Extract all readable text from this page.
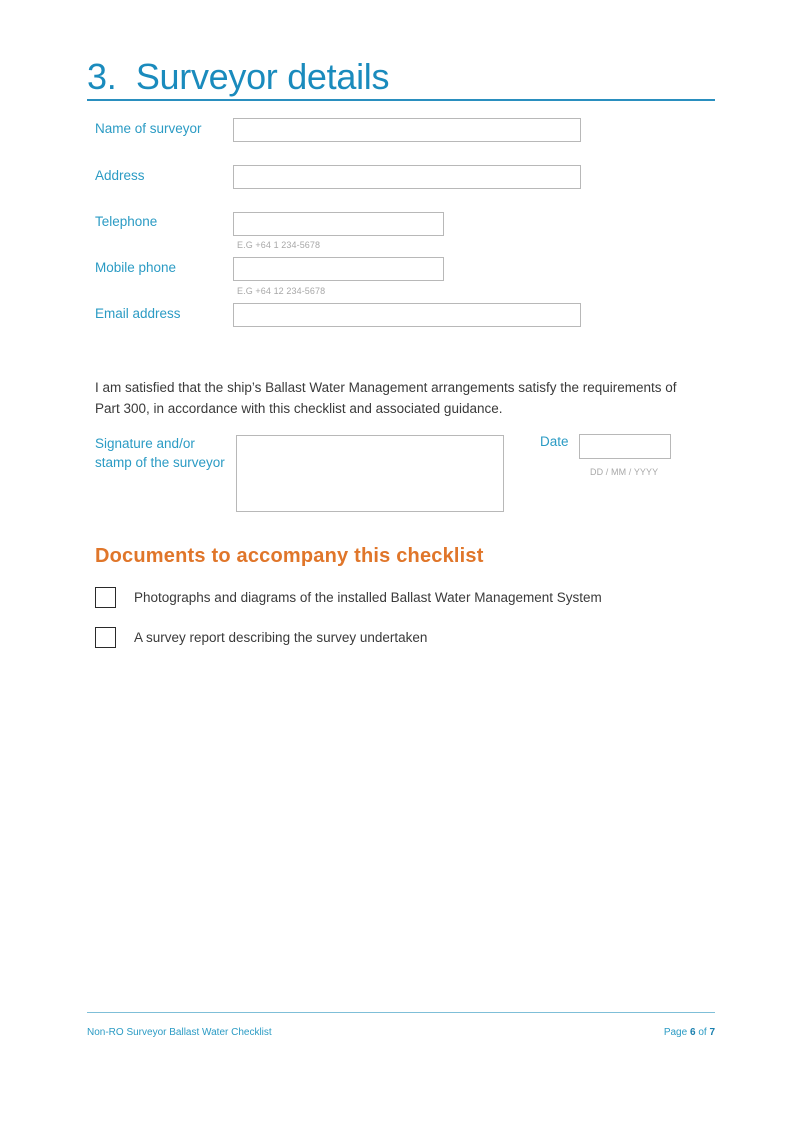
3. Surveyor details
Name of surveyor
Address
Telephone
E.G +64 1 234-5678
Mobile phone
E.G +64 12 234-5678
Email address
I am satisfied that the ship’s Ballast Water Management arrangements satisfy the requirements of Part 300, in accordance with this checklist and associated guidance.
Signature and/or
stamp of the surveyor
Date
DD / MM / YYYY
Documents to accompany this checklist
Photographs and diagrams of the installed Ballast Water Management System
A survey report describing the survey undertaken
Non-RO Surveyor Ballast Water Checklist	Page 6 of 7
